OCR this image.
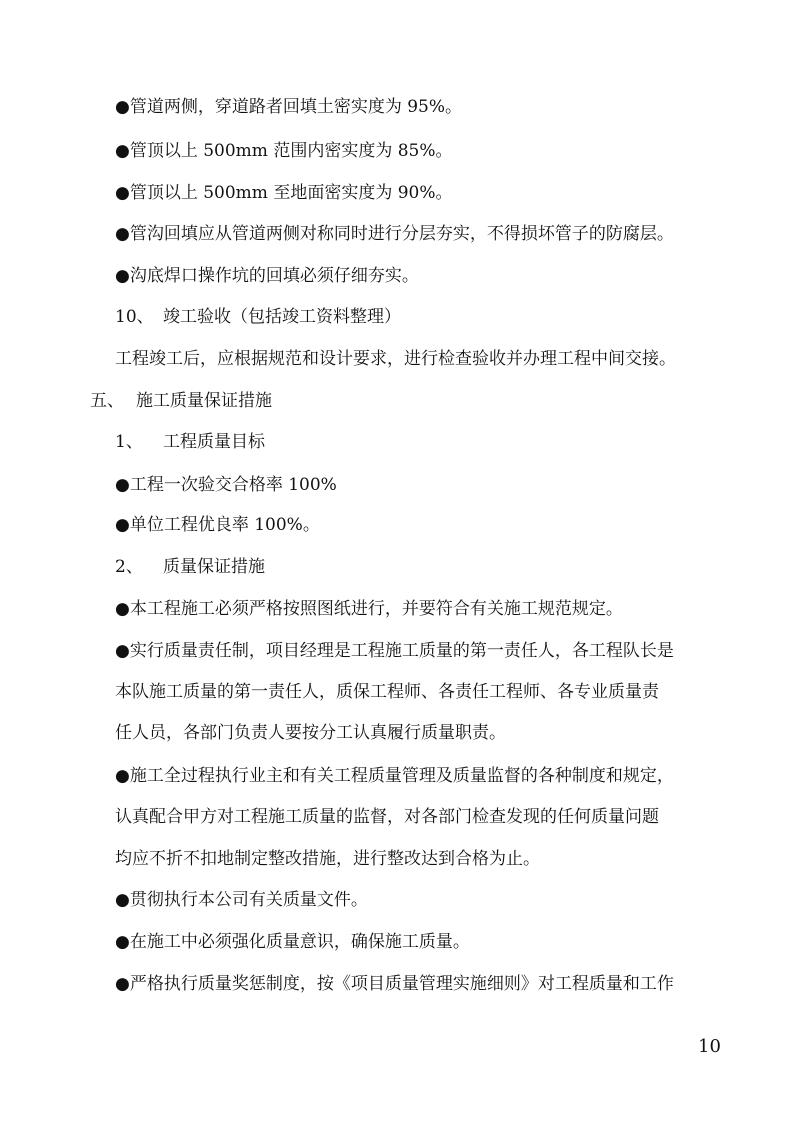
●管道两侧，穿道路者回填土密实度为 95%。
●管顶以上 500mm 范围内密实度为 85%。
●管顶以上 500mm 至地面密实度为 90%。
●管沟回填应从管道两侧对称同时进行分层夯实，不得损坏管子的防腐层。
●沟底焊口操作坑的回填必须仔细夯实。
10、 竣工验收（包括竣工资料整理）
工程竣工后，应根据规范和设计要求，进行检查验收并办理工程中间交接。
五、 施工质量保证措施
1、 工程质量目标
●工程一次验交合格率 100%
●单位工程优良率 100%。
2、 质量保证措施
●本工程施工必须严格按照图纸进行，并要符合有关施工规范规定。
●实行质量责任制，项目经理是工程施工质量的第一责任人，各工程队长是
本队施工质量的第一责任人，质保工程师、各责任工程师、各专业质量责
任人员，各部门负责人要按分工认真履行质量职责。
●施工全过程执行业主和有关工程质量管理及质量监督的各种制度和规定，
认真配合甲方对工程施工质量的监督，对各部门检查发现的任何质量问题
均应不折不扣地制定整改措施，进行整改达到合格为止。
●贯彻执行本公司有关质量文件。
●在施工中必须强化质量意识，确保施工质量。
●严格执行质量奖惩制度，按《项目质量管理实施细则》对工程质量和工作
10
